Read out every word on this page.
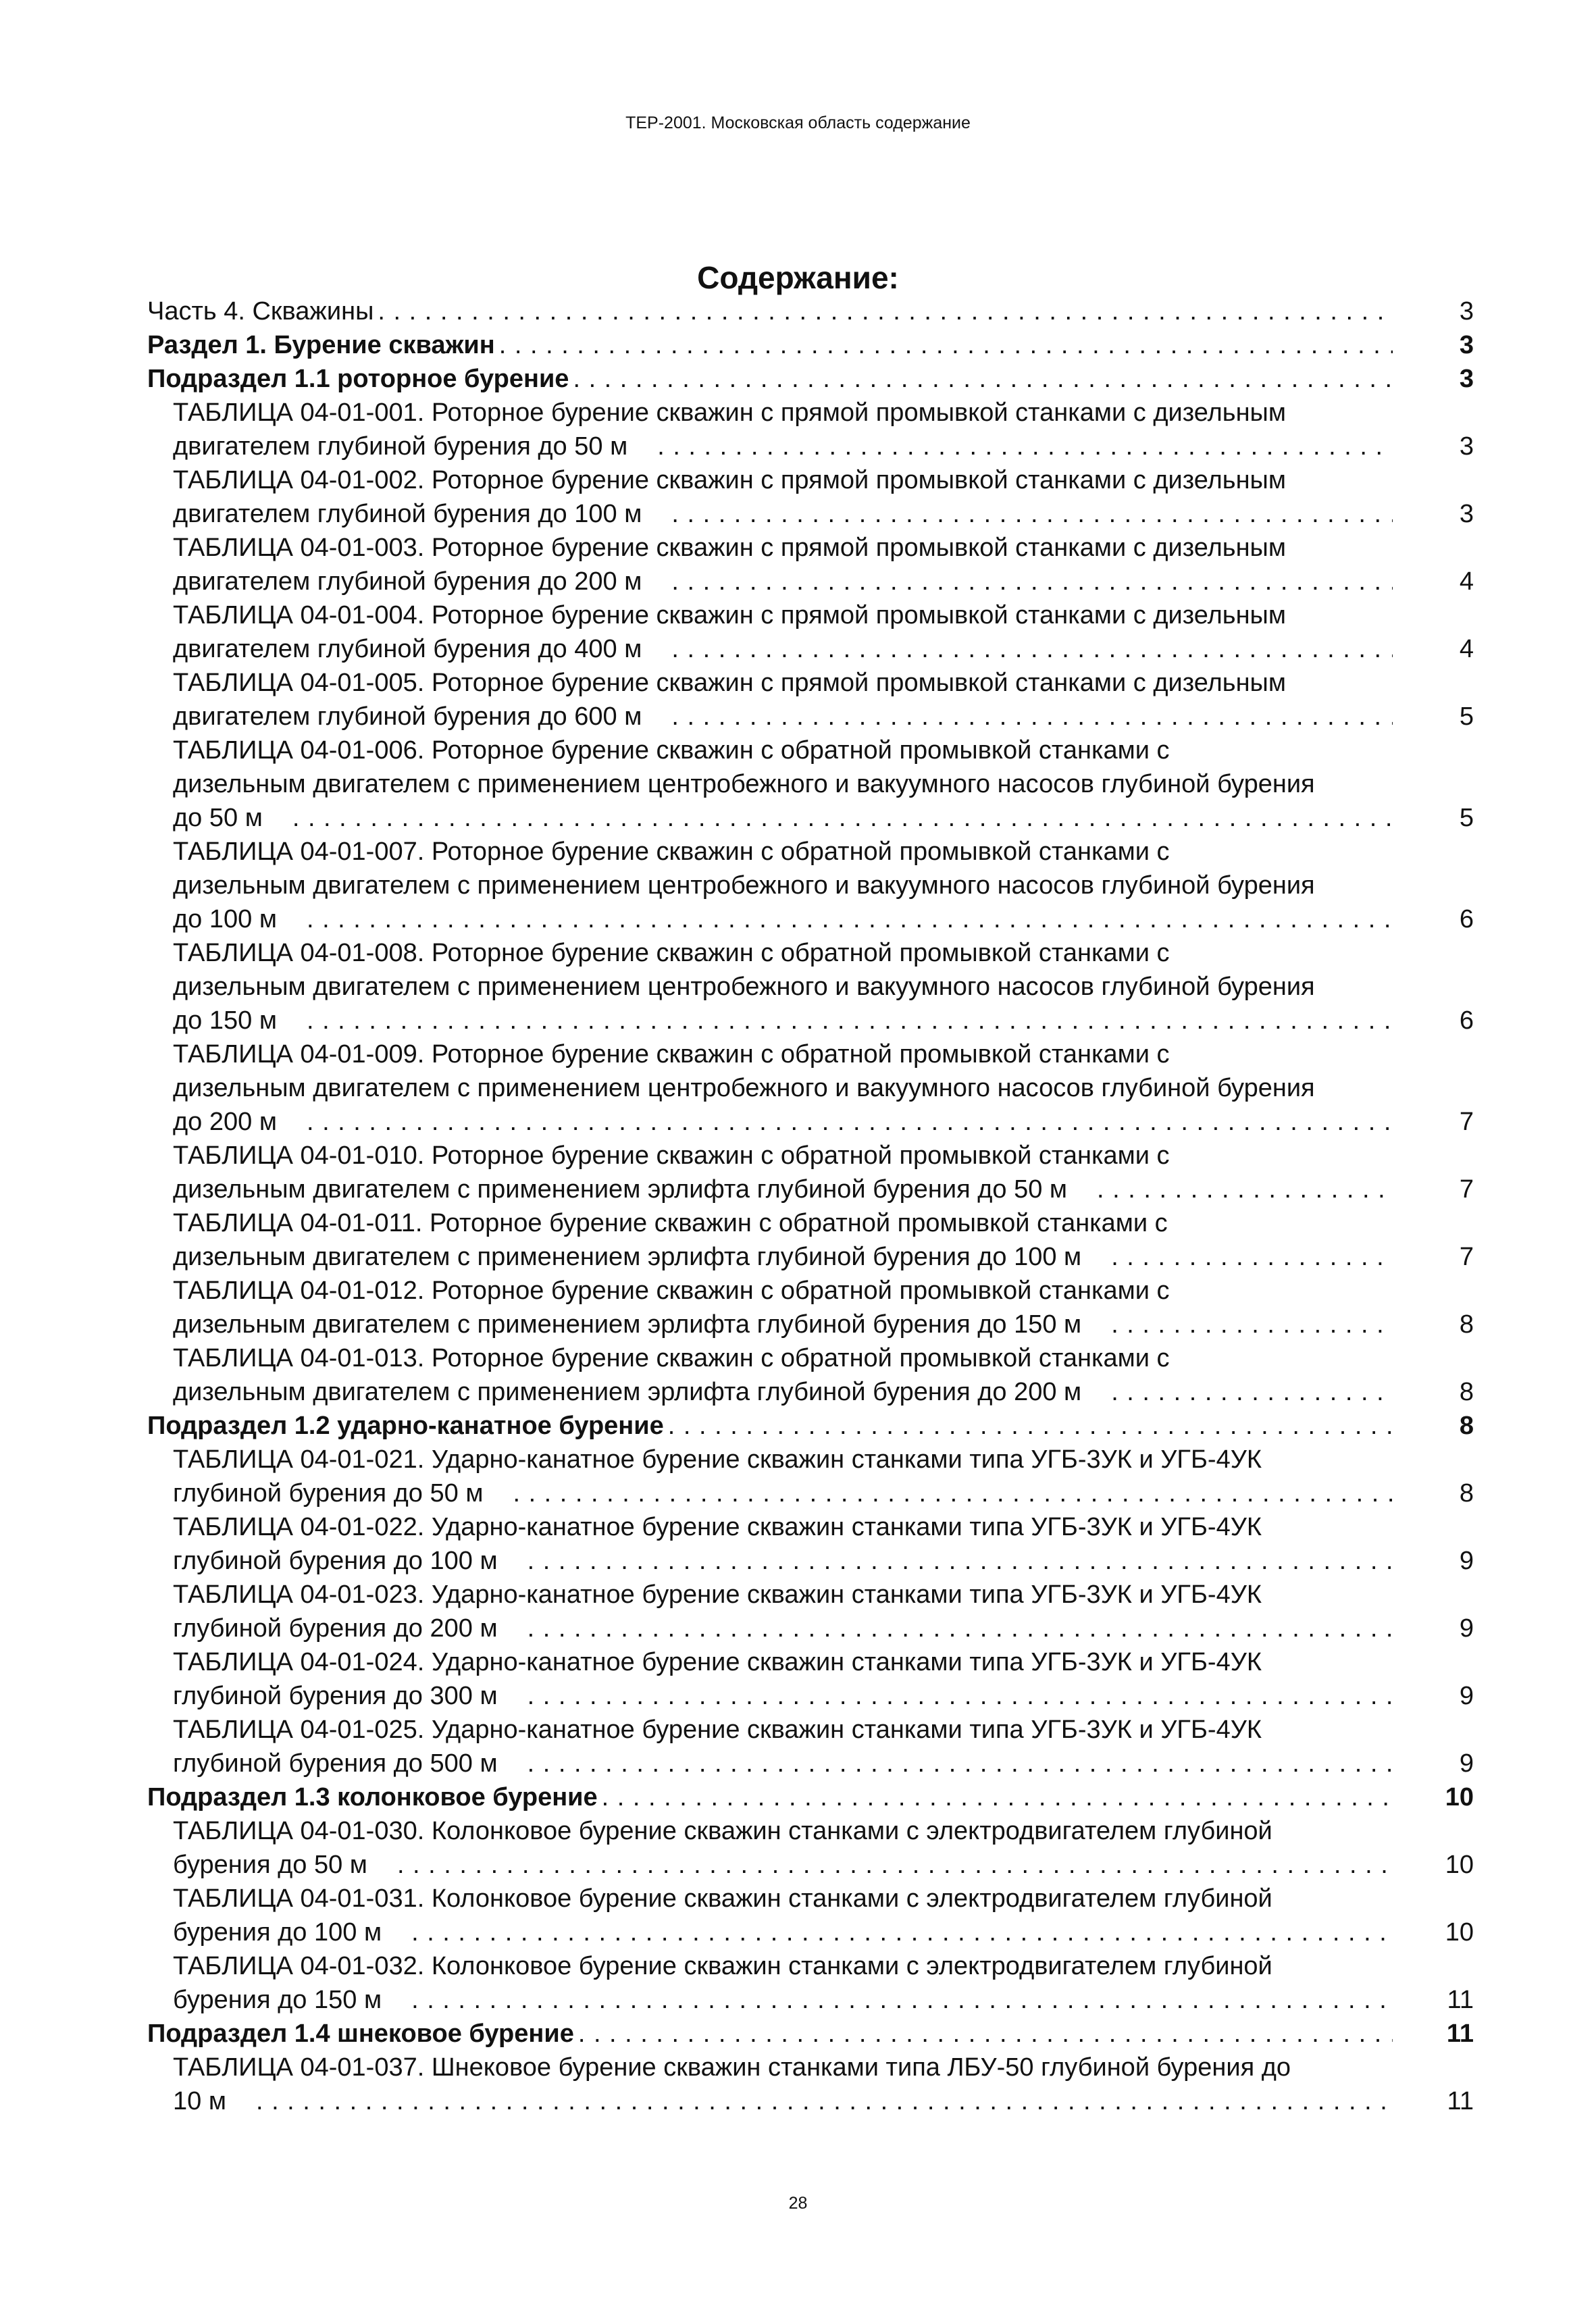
ТЕР-2001. Московская область содержание
Содержание:
Часть 4. Скважины . . .	3
Раздел 1. Бурение скважин . . .	3
Подраздел 1.1 роторное бурение . . .	3
ТАБЛИЦА 04-01-001. Роторное бурение скважин с прямой промывкой станками с дизельным
двигателем глубиной бурения до 50 м . . .	3
ТАБЛИЦА 04-01-002. Роторное бурение скважин с прямой промывкой станками с дизельным
двигателем глубиной бурения до 100 м . . .	3
ТАБЛИЦА 04-01-003. Роторное бурение скважин с прямой промывкой станками с дизельным
двигателем глубиной бурения до 200 м . . .	4
ТАБЛИЦА 04-01-004. Роторное бурение скважин с прямой промывкой станками с дизельным
двигателем глубиной бурения до 400 м . . .	4
ТАБЛИЦА 04-01-005. Роторное бурение скважин с прямой промывкой станками с дизельным
двигателем глубиной бурения до 600 м . . .	5
ТАБЛИЦА 04-01-006. Роторное бурение скважин с обратной промывкой станками с
дизельным двигателем с применением центробежного и вакуумного насосов глубиной бурения
до 50 м . . .	5
ТАБЛИЦА 04-01-007. Роторное бурение скважин с обратной промывкой станками с
дизельным двигателем с применением центробежного и вакуумного насосов глубиной бурения
до 100 м . . .	6
ТАБЛИЦА 04-01-008. Роторное бурение скважин с обратной промывкой станками с
дизельным двигателем с применением центробежного и вакуумного насосов глубиной бурения
до 150 м . . .	6
ТАБЛИЦА 04-01-009. Роторное бурение скважин с обратной промывкой станками с
дизельным двигателем с применением центробежного и вакуумного насосов глубиной бурения
до 200 м . . .	7
ТАБЛИЦА 04-01-010. Роторное бурение скважин с обратной промывкой станками с
дизельным двигателем с применением эрлифта глубиной бурения до 50 м . . .	7
ТАБЛИЦА 04-01-011. Роторное бурение скважин с обратной промывкой станками с
дизельным двигателем с применением эрлифта глубиной бурения до 100 м . . .	7
ТАБЛИЦА 04-01-012. Роторное бурение скважин с обратной промывкой станками с
дизельным двигателем с применением эрлифта глубиной бурения до 150 м . . .	8
ТАБЛИЦА 04-01-013. Роторное бурение скважин с обратной промывкой станками с
дизельным двигателем с применением эрлифта глубиной бурения до 200 м . . .	8
Подраздел 1.2 ударно-канатное бурение . . .	8
ТАБЛИЦА 04-01-021. Ударно-канатное бурение скважин станками типа УГБ-3УК и УГБ-4УК
глубиной бурения до 50 м . . .	8
ТАБЛИЦА 04-01-022. Ударно-канатное бурение скважин станками типа УГБ-3УК и УГБ-4УК
глубиной бурения до 100 м . . .	9
ТАБЛИЦА 04-01-023. Ударно-канатное бурение скважин станками типа УГБ-3УК и УГБ-4УК
глубиной бурения до 200 м . . .	9
ТАБЛИЦА 04-01-024. Ударно-канатное бурение скважин станками типа УГБ-3УК и УГБ-4УК
глубиной бурения до 300 м . . .	9
ТАБЛИЦА 04-01-025. Ударно-канатное бурение скважин станками типа УГБ-3УК и УГБ-4УК
глубиной бурения до 500 м . . .	9
Подраздел 1.3 колонковое бурение . . .	10
ТАБЛИЦА 04-01-030. Колонковое бурение скважин станками с электродвигателем глубиной
бурения до 50 м . . .	10
ТАБЛИЦА 04-01-031. Колонковое бурение скважин станками с электродвигателем глубиной
бурения до 100 м . . .	10
ТАБЛИЦА 04-01-032. Колонковое бурение скважин станками с электродвигателем глубиной
бурения до 150 м . . .	11
Подраздел 1.4 шнековое бурение . . .	11
ТАБЛИЦА 04-01-037. Шнековое бурение скважин станками типа ЛБУ-50 глубиной бурения до
10 м . . .	11
28
